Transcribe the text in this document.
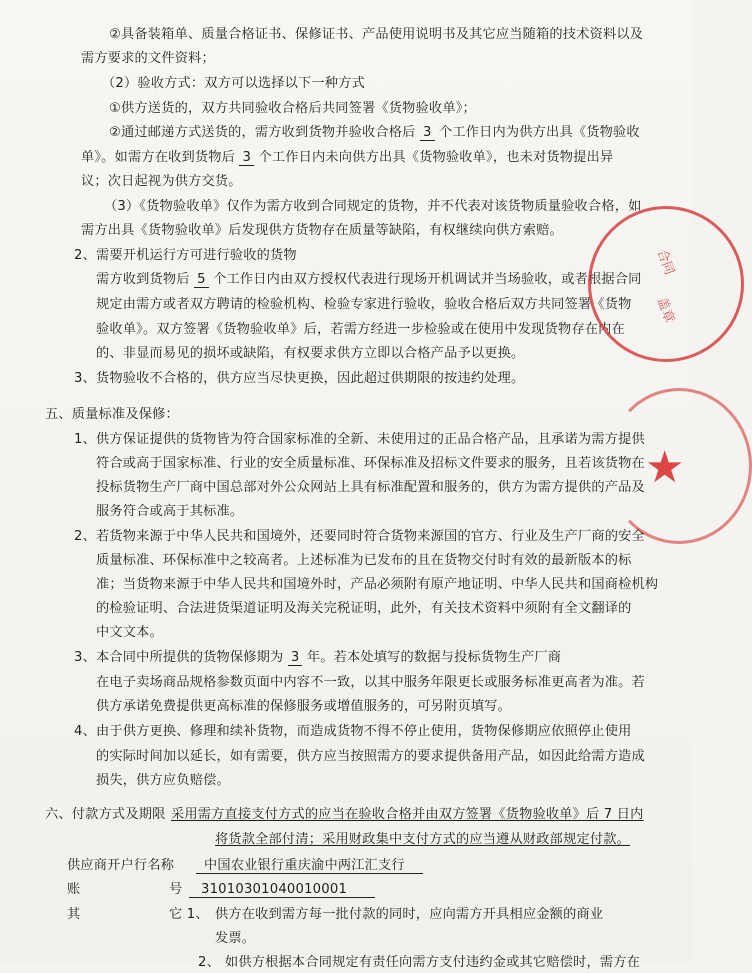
②具备装箱单、质量合格证书、保修证书、产品使用说明书及其它应当随箱的技术资料以及
需方要求的文件资料；
（2）验收方式：双方可以选择以下一种方式
①供方送货的，双方共同验收合格后共同签署《货物验收单》；
②通过邮递方式送货的，需方收到货物并验收合格后 3 个工作日内为供方出具《货物验收
单》。如需方在收到货物后 3 个工作日内未向供方出具《货物验收单》，也未对货物提出异
议；次日起视为供方交货。
（3）《货物验收单》仅作为需方收到合同规定的货物，并不代表对该货物质量验收合格，如
需方出具《货物验收单》后发现供方货物存在质量等缺陷，有权继续向供方索赔。
2、需要开机运行方可进行验收的货物
需方收到货物后 5 个工作日内由双方授权代表进行现场开机调试并当场验收，或者根据合同
规定由需方或者双方聘请的检验机构、检验专家进行验收，验收合格后双方共同签署《货物
验收单》。双方签署《货物验收单》后，若需方经进一步检验或在使用中发现货物存在内在
的、非显而易见的损坏或缺陷，有权要求供方立即以合格产品予以更换。
3、货物验收不合格的，供方应当尽快更换，因此超过供期限的按违约处理。
五、质量标准及保修：
1、供方保证提供的货物皆为符合国家标准的全新、未使用过的正品合格产品，且承诺为需方提供
符合或高于国家标准、行业的安全质量标准、环保标准及招标文件要求的服务，且若该货物在
投标货物生产厂商中国总部对外公众网站上具有标准配置和服务的，供方为需方提供的产品及
服务符合或高于其标准。
2、若货物来源于中华人民共和国境外，还要同时符合货物来源国的官方、行业及生产厂商的安全
质量标准、环保标准中之较高者。上述标准为已发布的且在货物交付时有效的最新版本的标
准；当货物来源于中华人民共和国境外时，产品必须附有原产地证明、中华人民共和国商检机构
的检验证明、合法进货渠道证明及海关完税证明，此外，有关技术资料中须附有全文翻译的
中文文本。
3、本合同中所提供的货物保修期为 3 年。若本处填写的数据与投标货物生产厂商
在电子卖场商品规格参数页面中内容不一致，以其中服务年限更长或服务标准更高者为准。若
供方承诺免费提供更高标准的保修服务或增值服务的，可另附页填写。
4、由于供方更换、修理和续补货物，而造成货物不得不停止使用，货物保修期应依照停止使用
的实际时间加以延长，如有需要，供方应当按照需方的要求提供备用产品，如因此给需方造成
损失，供方应负赔偿。
六、付款方式及期限 采用需方直接支付方式的应当在验收合格并由双方签署《货物验收单》后 7 日内
将货款全部付清；采用财政集中支付方式的应当遵从财政部规定付款。
供应商开户行名称	中国农业银行重庆渝中两江汇支行
账	号	31010301040010001
其	它 1、 供方在收到需方每一批付款的同时，应向需方开具相应金额的商业
发票。
2、 如供方根据本合同规定有责任向需方支付违约金或其它赔偿时，需方在
合同
盖章
★
